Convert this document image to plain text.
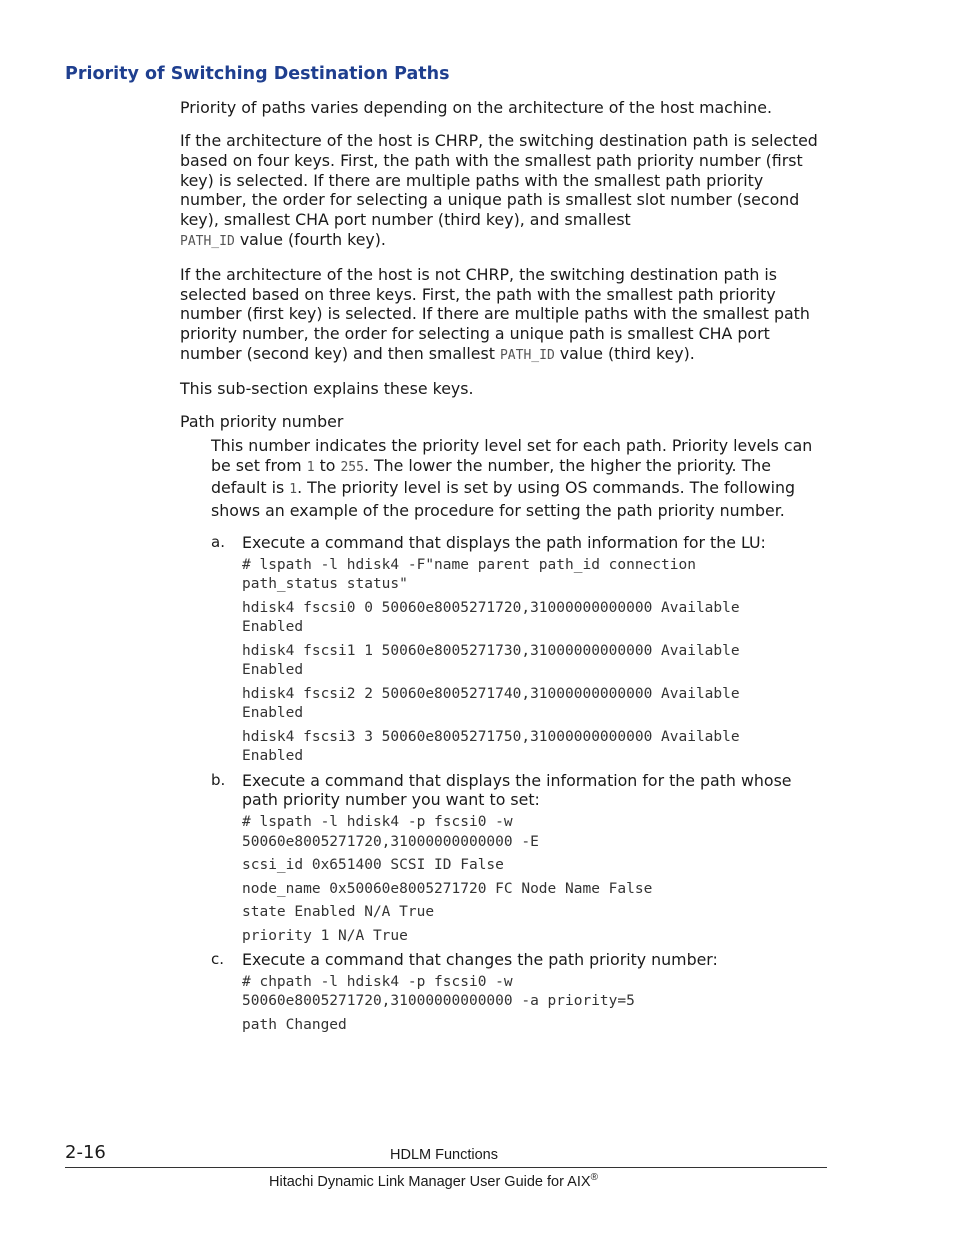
Priority of Switching Destination Paths

Priority of paths varies depending on the architecture of the host machine.

If the architecture of the host is CHRP, the switching destination path is selected based on four keys. First, the path with the smallest path priority number (first key) is selected. If there are multiple paths with the smallest path priority number, the order for selecting a unique path is smallest slot number (second key), smallest CHA port number (third key), and smallest
PATH_ID value (fourth key).

If the architecture of the host is not CHRP, the switching destination path is selected based on three keys. First, the path with the smallest path priority number (first key) is selected. If there are multiple paths with the smallest path priority number, the order for selecting a unique path is smallest CHA port number (second key) and then smallest PATH_ID value (third key).

This sub-section explains these keys.

Path priority number
This number indicates the priority level set for each path. Priority levels can be set from 1 to 255. The lower the number, the higher the priority. The default is 1. The priority level is set by using OS commands. The following shows an example of the procedure for setting the path priority number.
a. Execute a command that displays the path information for the LU:
# lspath -l hdisk4 -F"name parent path_id connection
path_status status"
hdisk4 fscsi0 0 50060e8005271720,31000000000000 Available
Enabled
hdisk4 fscsi1 1 50060e8005271730,31000000000000 Available
Enabled
hdisk4 fscsi2 2 50060e8005271740,31000000000000 Available
Enabled
hdisk4 fscsi3 3 50060e8005271750,31000000000000 Available
Enabled
b. Execute a command that displays the information for the path whose path priority number you want to set:
# lspath -l hdisk4 -p fscsi0 -w
50060e8005271720,31000000000000 -E
scsi_id 0x651400 SCSI ID False
node_name 0x50060e8005271720 FC Node Name False
state Enabled N/A True
priority 1 N/A True
c. Execute a command that changes the path priority number:
# chpath -l hdisk4 -p fscsi0 -w
50060e8005271720,31000000000000 -a priority=5
path Changed
2-16	HDLM Functions
Hitachi Dynamic Link Manager User Guide for AIX®
